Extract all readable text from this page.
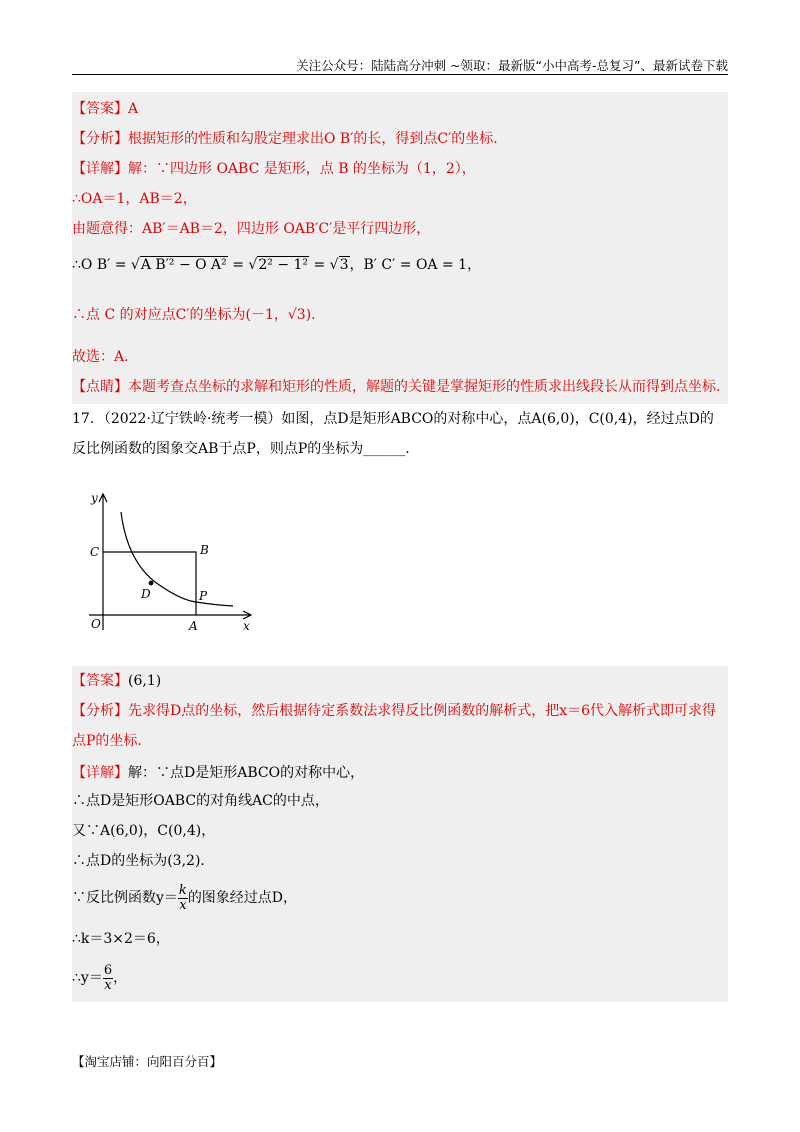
关注公众号：陆陆高分冲刺 ~领取：最新版“小中高考-总复习”、最新试卷下载
【答案】A
【分析】根据矩形的性质和勾股定理求出O B′的长，得到点C′的坐标.
【详解】解：∵四边形 OABC 是矩形，点 B 的坐标为（1，2），
∴OA＝1，AB＝2，
由题意得：AB′＝AB＝2，四边形 OAB′C′是平行四边形，
∴O B′ = √A B′² − O A² = √2² − 1² = √3，B′ C′ = OA = 1，
∴点 C 的对应点C′的坐标为(－1，√3).
故选：A.
【点睛】本题考查点坐标的求解和矩形的性质，解题的关键是掌握矩形的性质求出线段长从而得到点坐标.
17．（2022·辽宁铁岭·统考一模）如图，点D是矩形ABCO的对称中心，点A(6,0)，C(0,4)，经过点D的
反比例函数的图象交AB于点P，则点P的坐标为______.
y
x
O	A
B
C
D	P
【答案】(6,1)
【分析】先求得D点的坐标，然后根据待定系数法求得反比例函数的解析式，把x＝6代入解析式即可求得
点P的坐标.
【详解】解：∵点D是矩形ABCO的对称中心，
∴点D是矩形OABC的对角线AC的中点，
又∵A(6,0)，C(0,4)，
∴点D的坐标为(3,2).
∵反比例函数$y= \frac{k}{x}$ 的图象经过点D，
∴k＝3×2＝6，
∴y＝ $\frac{6}{x}$ ，
【淘宝店铺：向阳百分百】
